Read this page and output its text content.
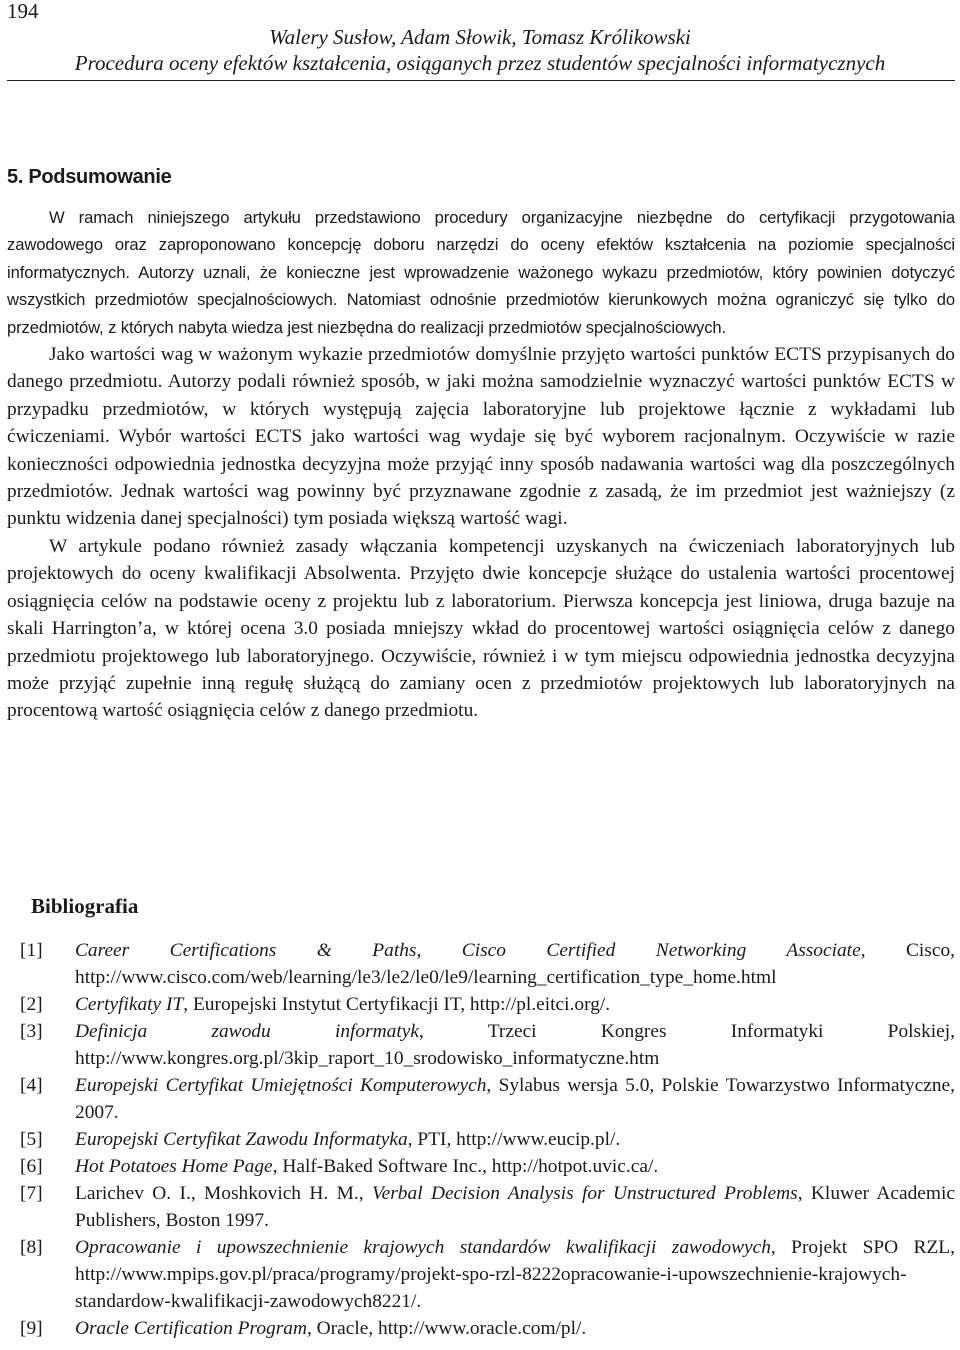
194
Walery Susłow, Adam Słowik, Tomasz Królikowski
Procedura oceny efektów kształcenia, osiąganych przez studentów specjalności informatycznych
5. Podsumowanie

W ramach niniejszego artykułu przedstawiono procedury organizacyjne niezbędne do certyfikacji przygotowania zawodowego oraz zaproponowano koncepcję doboru narzędzi do oceny efektów kształcenia na poziomie specjalności informatycznych. Autorzy uznali, że konieczne jest wprowadzenie ważonego wykazu przedmiotów, który powinien dotyczyć wszystkich przedmiotów specjalnościowych. Natomiast odnośnie przedmiotów kierunkowych można ograniczyć się tylko do przedmiotów, z których nabyta wiedza jest niezbędna do realizacji przedmiotów specjalnościowych.

Jako wartości wag w ważonym wykazie przedmiotów domyślnie przyjęto wartości punktów ECTS przypisanych do danego przedmiotu. Autorzy podali również sposób, w jaki można samodzielnie wyznaczyć wartości punktów ECTS w przypadku przedmiotów, w których występują zajęcia laboratoryjne lub projektowe łącznie z wykładami lub ćwiczeniami. Wybór wartości ECTS jako wartości wag wydaje się być wyborem racjonalnym. Oczywiście w razie konieczności odpowiednia jednostka decyzyjna może przyjąć inny sposób nadawania wartości wag dla poszczególnych przedmiotów. Jednak wartości wag powinny być przyznawane zgodnie z zasadą, że im przedmiot jest ważniejszy (z punktu widzenia danej specjalności) tym posiada większą wartość wagi.

W artykule podano również zasady włączania kompetencji uzyskanych na ćwiczeniach laboratoryjnych lub projektowych do oceny kwalifikacji Absolwenta. Przyjęto dwie koncepcje służące do ustalenia wartości procentowej osiągnięcia celów na podstawie oceny z projektu lub z laboratorium. Pierwsza koncepcja jest liniowa, druga bazuje na skali Harrington’a, w której ocena 3.0 posiada mniejszy wkład do procentowej wartości osiągnięcia celów z danego przedmiotu projektowego lub laboratoryjnego. Oczywiście, również i w tym miejscu odpowiednia jednostka decyzyjna może przyjąć zupełnie inną regułę służącą do zamiany ocen z przedmiotów projektowych lub laboratoryjnych na procentową wartość osiągnięcia celów z danego przedmiotu.

Bibliografia
[1] Career Certifications & Paths, Cisco Certified Networking Associate, Cisco, http://www.cisco.com/web/learning/le3/le2/le0/le9/learning_certification_type_home.html
[2] Certyfikaty IT, Europejski Instytut Certyfikacji IT, http://pl.eitci.org/.
[3] Definicja zawodu informatyk, Trzeci Kongres Informatyki Polskiej, http://www.kongres.org.pl/3kip_raport_10_srodowisko_informatyczne.htm
[4] Europejski Certyfikat Umiejętności Komputerowych, Sylabus wersja 5.0, Polskie Towarzystwo Informatyczne, 2007.
[5] Europejski Certyfikat Zawodu Informatyka, PTI, http://www.eucip.pl/.
[6] Hot Potatoes Home Page, Half-Baked Software Inc., http://hotpot.uvic.ca/.
[7] Larichev O. I., Moshkovich H. M., Verbal Decision Analysis for Unstructured Problems, Kluwer Academic Publishers, Boston 1997.
[8] Opracowanie i upowszechnienie krajowych standardów kwalifikacji zawodowych, Projekt SPO RZL, http://www.mpips.gov.pl/praca/programy/projekt-spo-rzl-8222opracowanie-i-upowszechnienie-krajowych-standardow-kwalifikacji-zawodowych8221/.
[9] Oracle Certification Program, Oracle, http://www.oracle.com/pl/.
